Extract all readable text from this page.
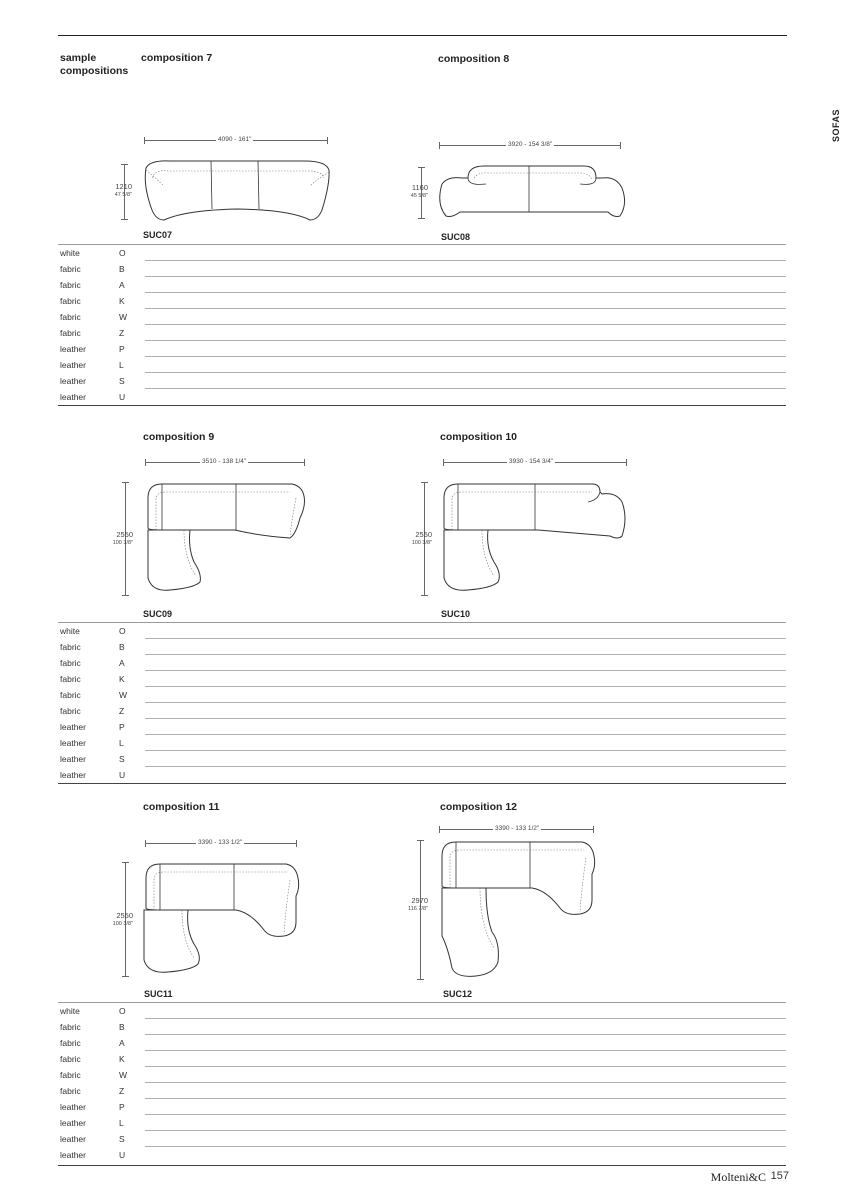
sample
compositions
SOFAS
composition 7	composition 8
4090 - 161"
1210
47 5/8"
SUC07
3920 - 154 3/8"
1160
45 5/8"
SUC08
white	O
fabric	B
fabric	A
fabric	K
fabric	W
fabric	Z
leather	P
leather	L
leather	S
leather	U
composition 9	composition 10
3510 - 138 1/4"
2550
100 3/8"
SUC09
3930 - 154 3/4"
2550
100 3/8"
SUC10
white	O
fabric	B
fabric	A
fabric	K
fabric	W
fabric	Z
leather	P
leather	L
leather	S
leather	U
composition 11	composition 12
3390 - 133 1/2"
2550
100 3/8"
SUC11
3390 - 133 1/2"
2970
116 7/8"
SUC12
white	O
fabric	B
fabric	A
fabric	K
fabric	W
fabric	Z
leather	P
leather	L
leather	S
leather	U
Molteni&C 157
